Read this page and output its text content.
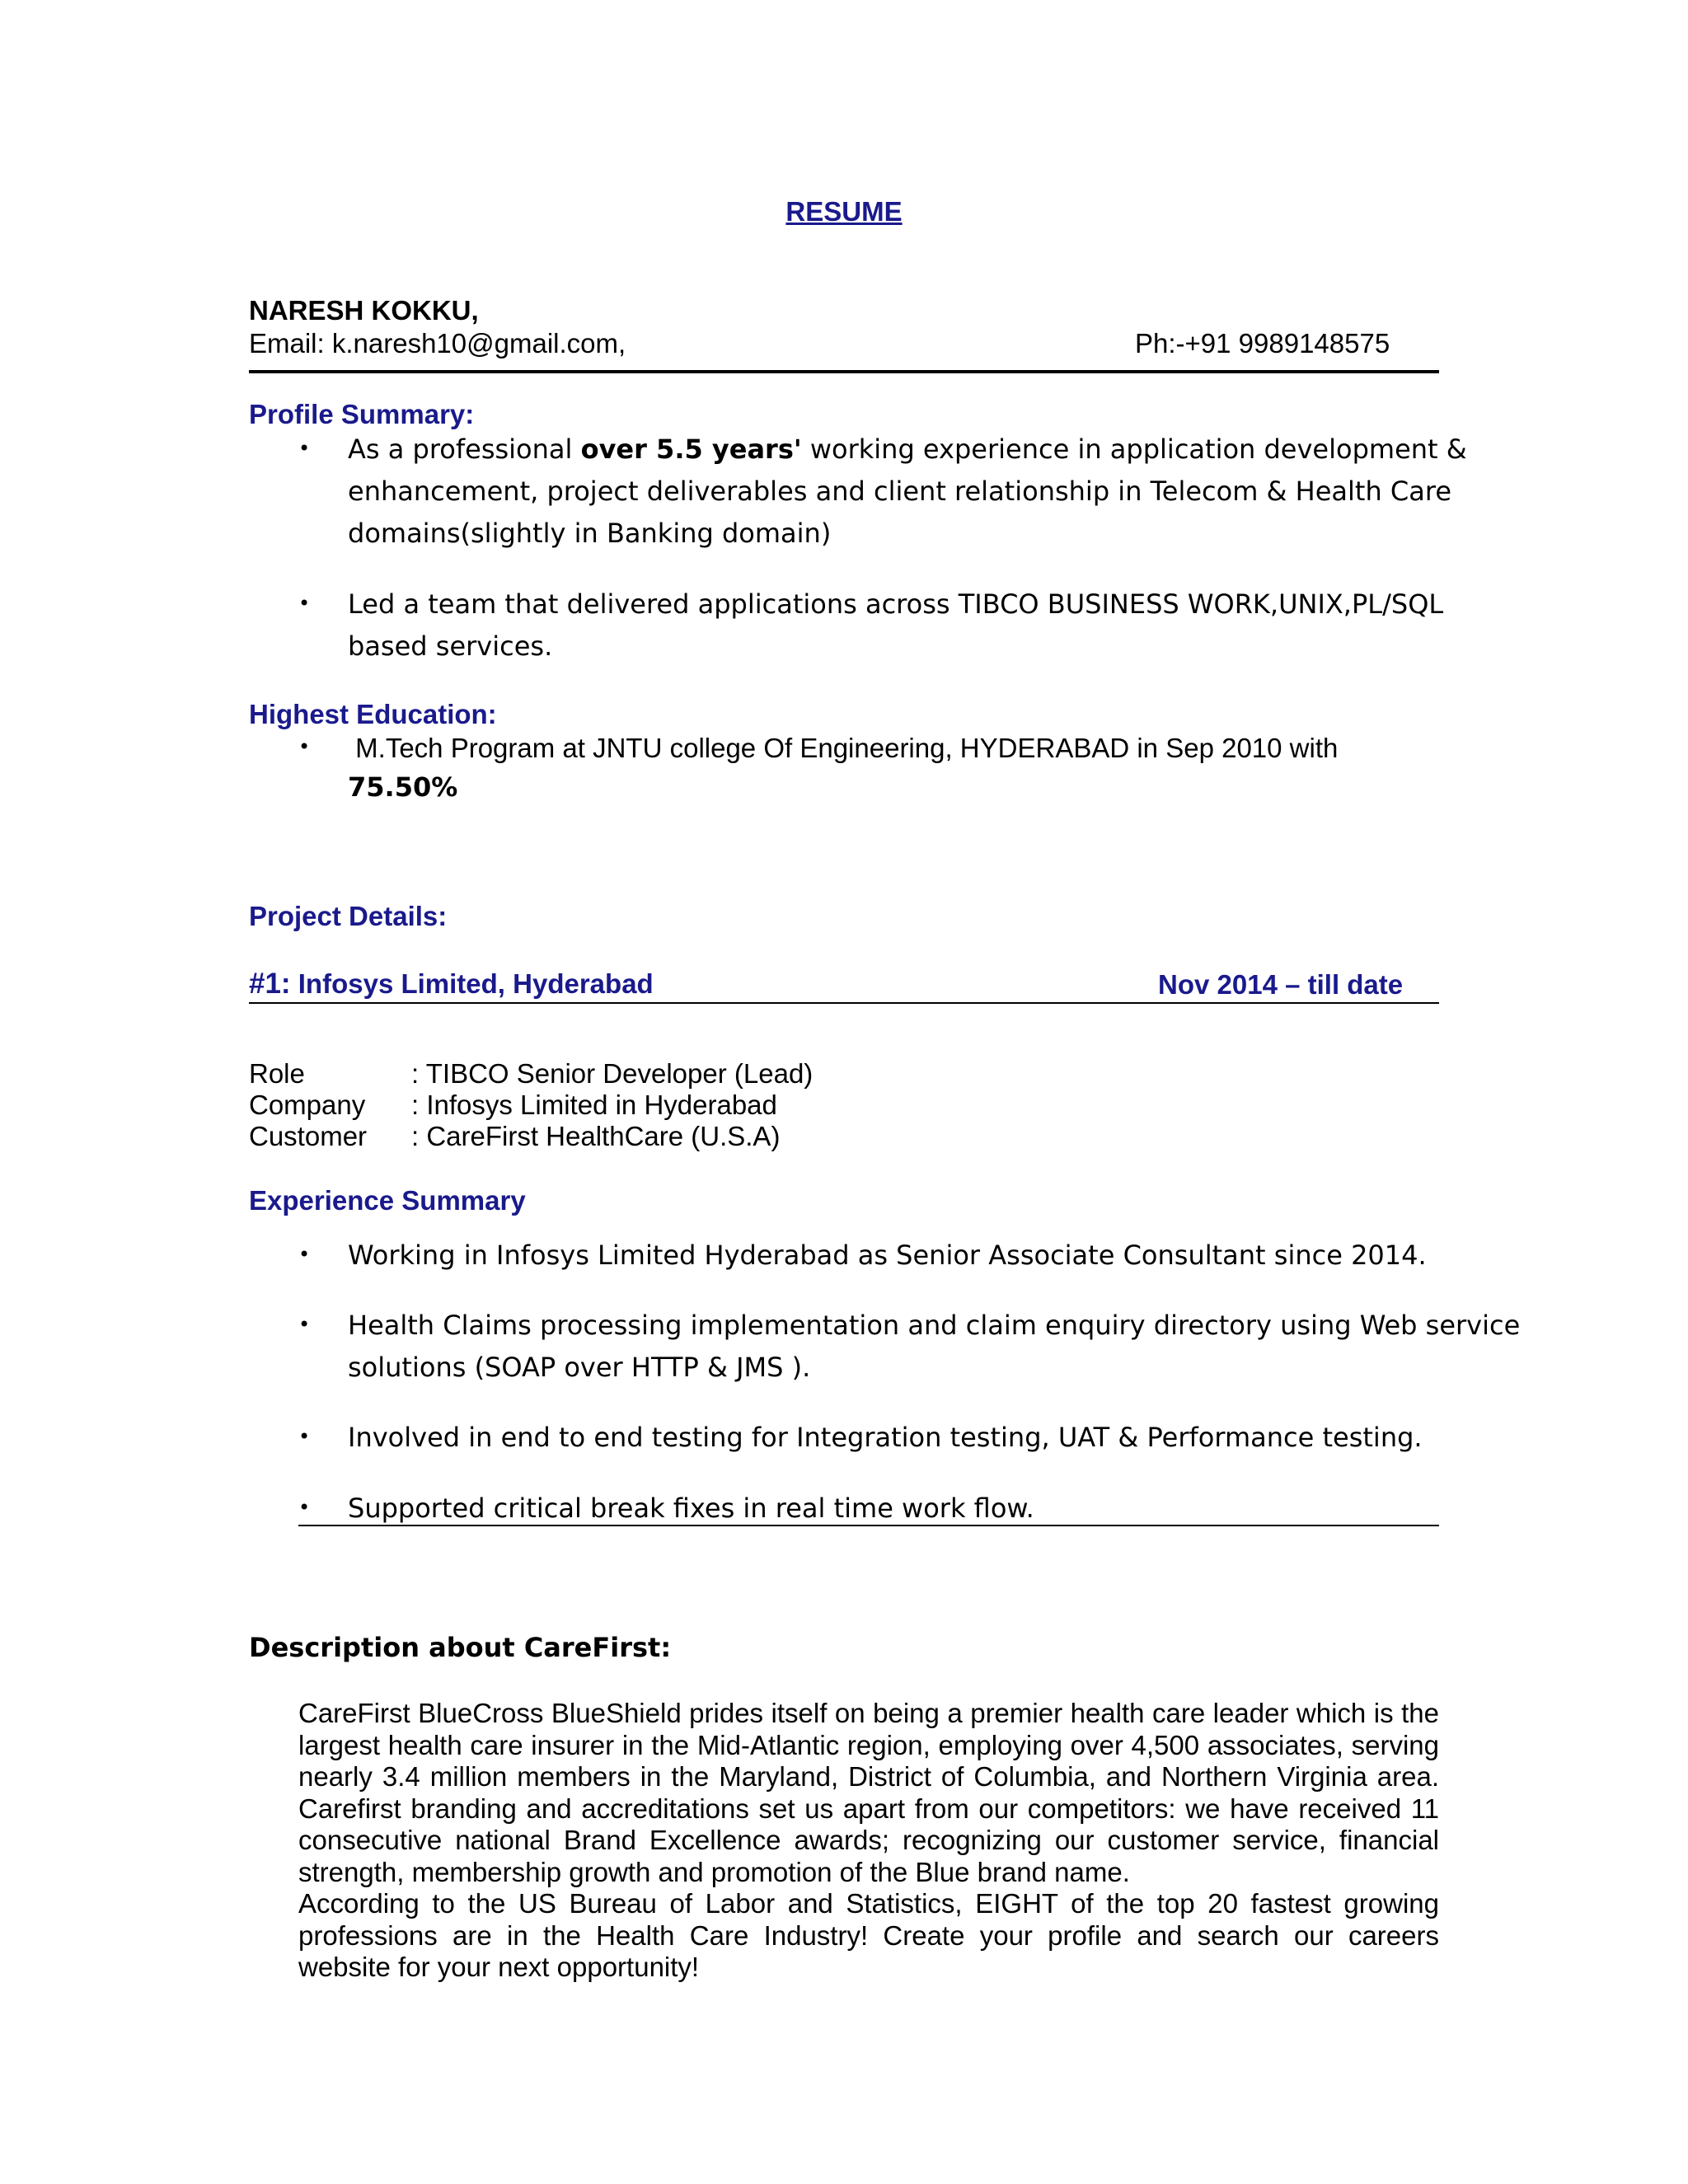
RESUME
NARESH KOKKU,
Email: k.naresh10@gmail.com,	Ph:-+91 9989148575
Profile Summary:
• As a professional over 5.5 years' working experience in application development &
enhancement, project deliverables and client relationship in Telecom & Health Care
domains(slightly in Banking domain)
• Led a team that delivered applications across TIBCO BUSINESS WORK,UNIX,PL/SQL
based services.
Highest Education:
• M.Tech Program at JNTU college Of Engineering, HYDERABAD in Sep 2010 with
75.50%
Project Details:
#1: Infosys Limited, Hyderabad	Nov 2014 – till date
Role	: TIBCO Senior Developer (Lead)
Company : Infosys Limited in Hyderabad
Customer : CareFirst HealthCare (U.S.A)
Experience Summary
• Working in Infosys Limited Hyderabad as Senior Associate Consultant since 2014.
• Health Claims processing implementation and claim enquiry directory using Web service
solutions (SOAP over HTTP & JMS ).
• Involved in end to end testing for Integration testing, UAT & Performance testing.
• Supported critical break fixes in real time work flow.
Description about CareFirst:

CareFirst BlueCross BlueShield prides itself on being a premier health care leader which is the largest health care insurer in the Mid-Atlantic region, employing over 4,500 associates, serving nearly 3.4 million members in the Maryland, District of Columbia, and Northern Virginia area. Carefirst branding and accreditations set us apart from our competitors: we have received 11 consecutive national Brand Excellence awards; recognizing our customer service, financial strength, membership growth and promotion of the Blue brand name.

According to the US Bureau of Labor and Statistics, EIGHT of the top 20 fastest growing professions are in the Health Care Industry! Create your profile and search our careers website for your next opportunity!
